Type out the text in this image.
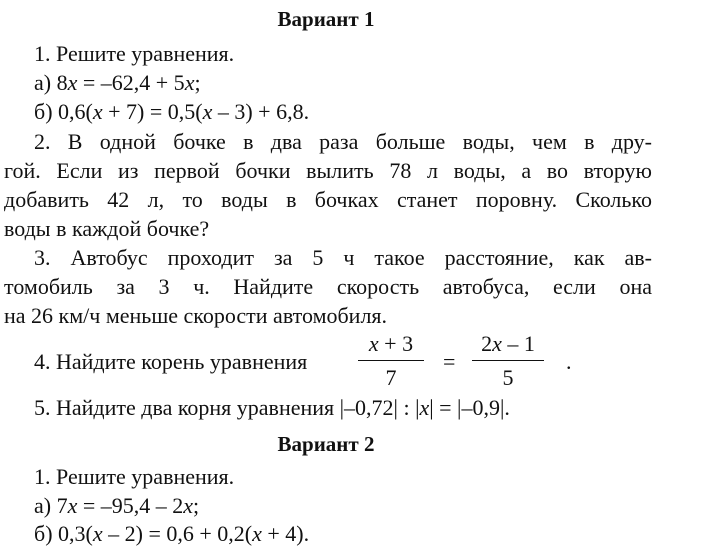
Вариант 1

1. Решите уравнения.

а) 8x = –62,4 + 5x;

б) 0,6(x + 7) = 0,5(x – 3) + 6,8.

2. В одной бочке в два раза больше воды, чем в дру-

гой. Если из первой бочки вылить 78 л воды, а во вторую

добавить 42 л, то воды в бочках станет поровну. Сколько

воды в каждой бочке?

3. Автобус проходит за 5 ч такое расстояние, как ав-

томобиль за 3 ч. Найдите скорость автобуса, если она

на 26 км/ч меньше скорости автомобиля.

4. Найдите корень уравнения

x + 3
7

=

2x – 1
5

.

5. Найдите два корня уравнения |–0,72| : |x| = |–0,9|.

Вариант 2

1. Решите уравнения.

а) 7x = –95,4 – 2x;

б) 0,3(x – 2) = 0,6 + 0,2(x + 4).
